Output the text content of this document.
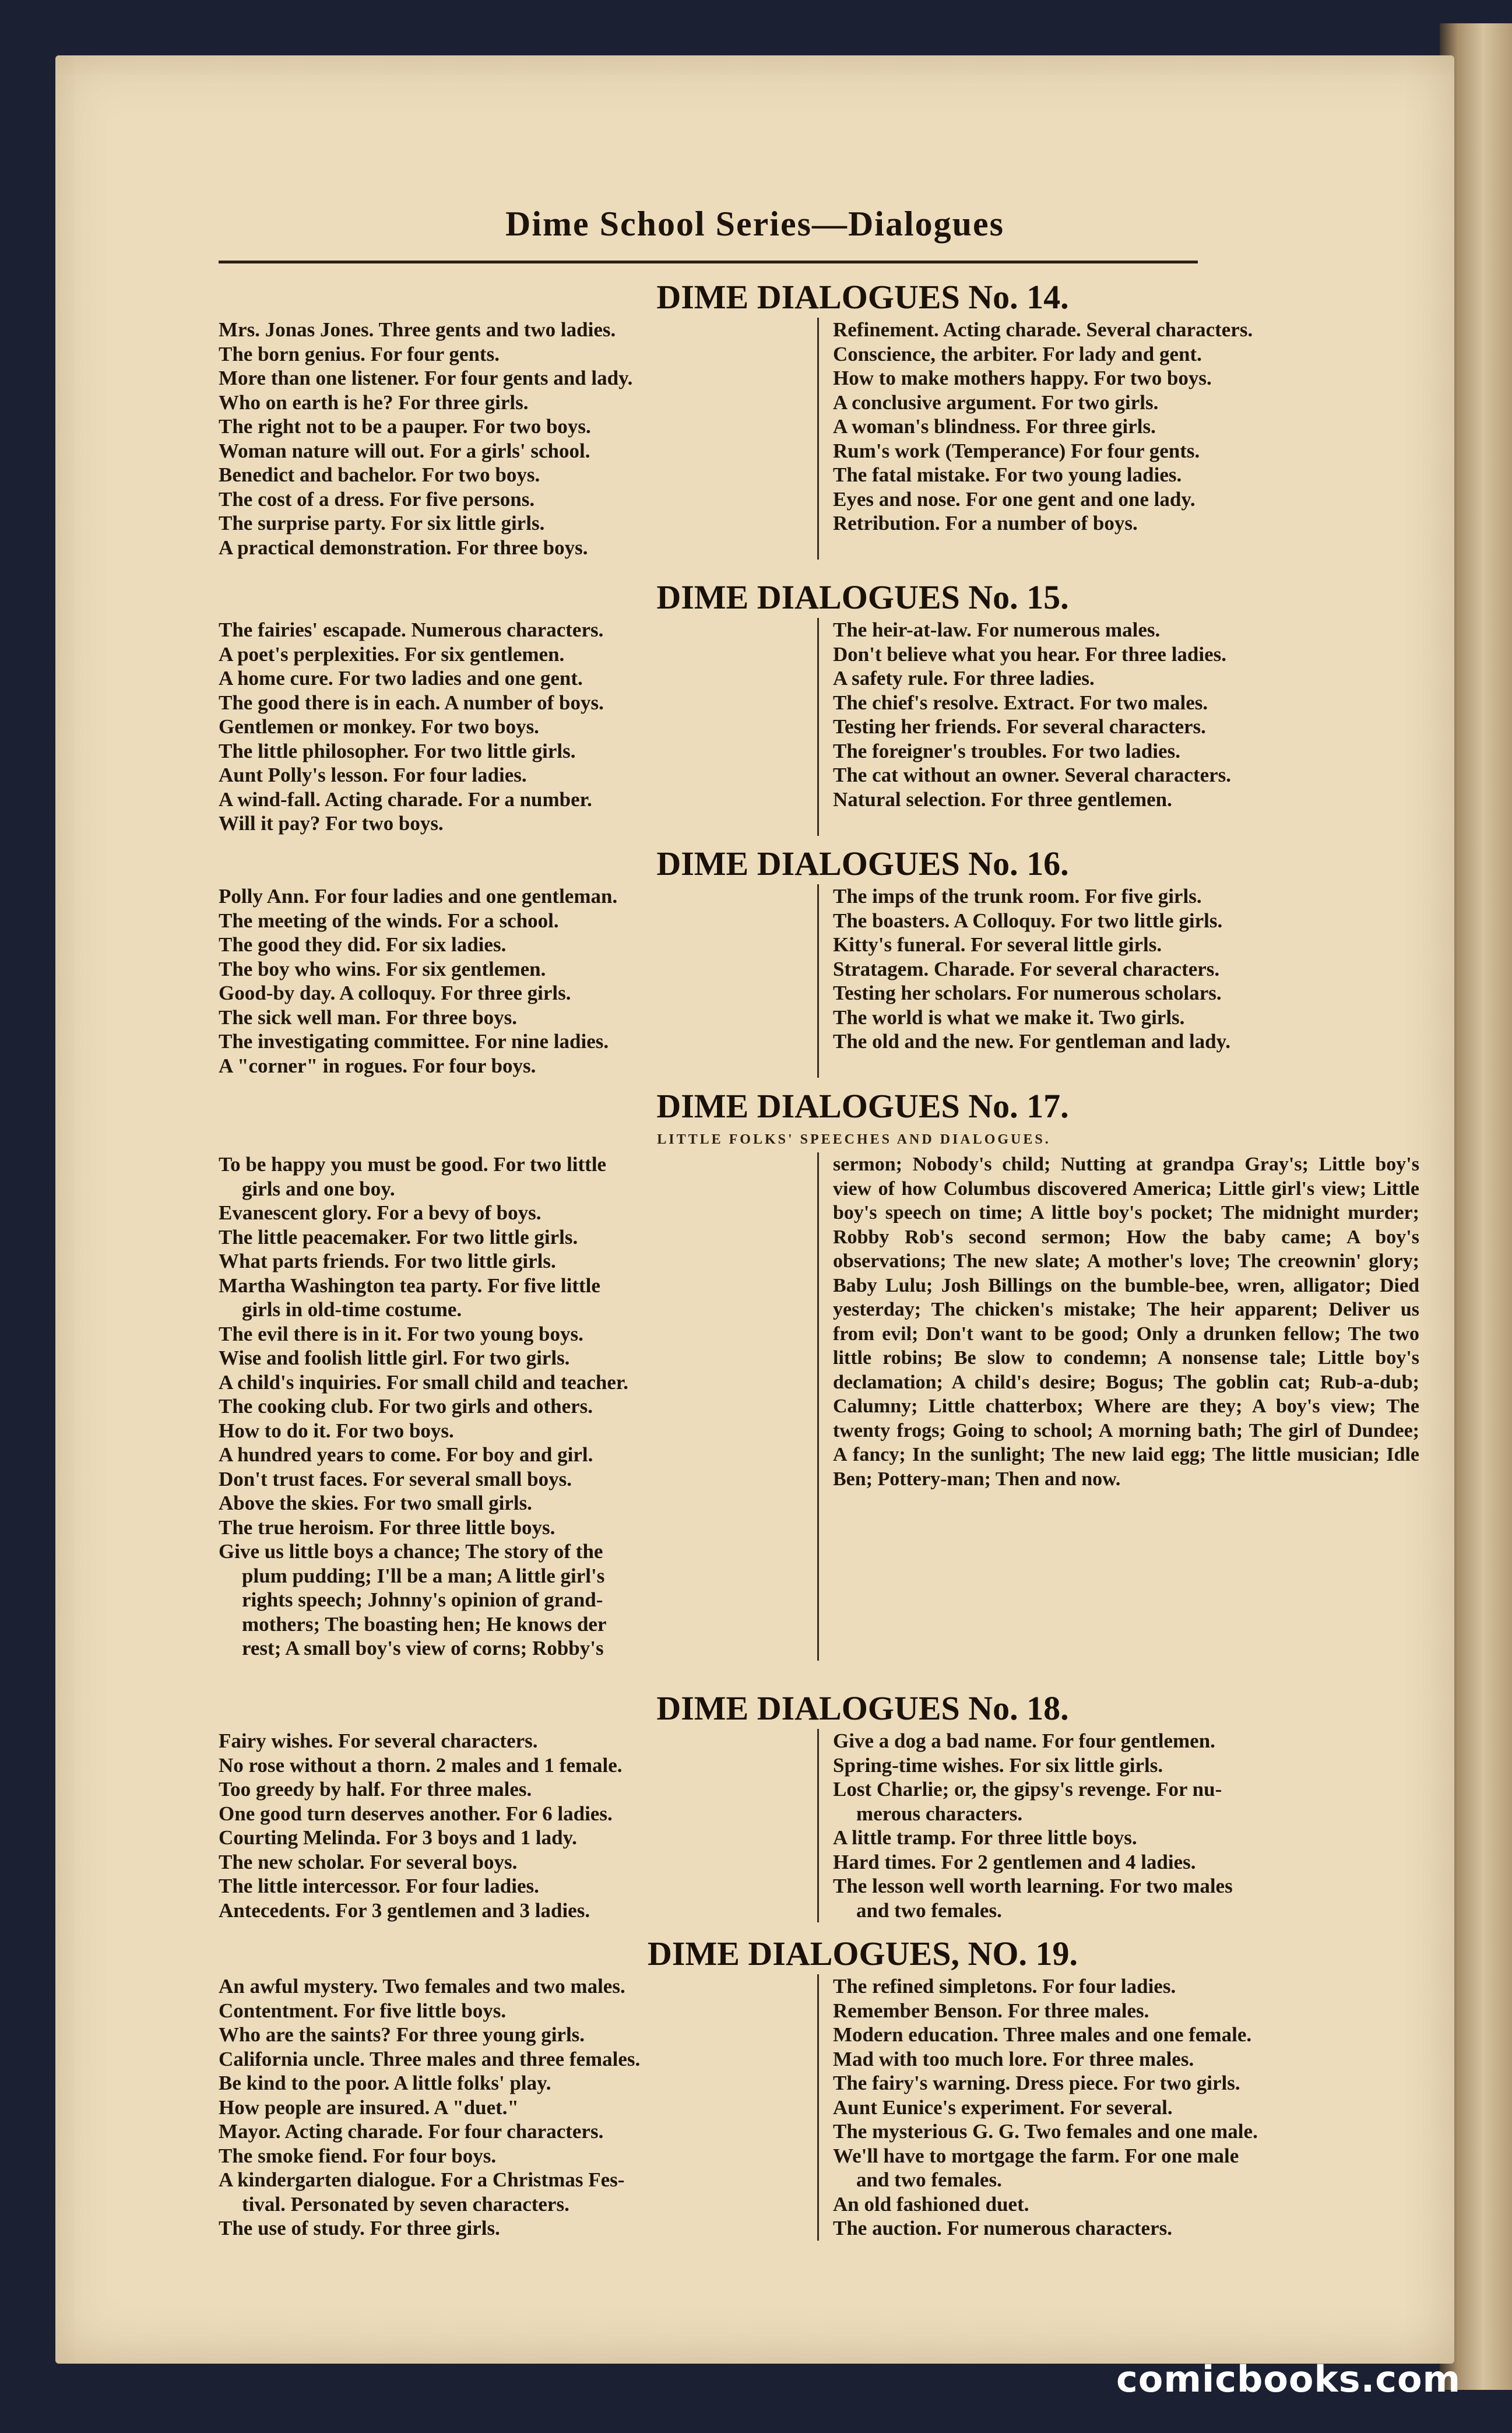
Dime School Series—Dialogues
DIME DIALOGUES No. 14.
Mrs. Jonas Jones. Three gents and two ladies.
The born genius. For four gents.
More than one listener. For four gents and lady.
Who on earth is he? For three girls.
The right not to be a pauper. For two boys.
Woman nature will out. For a girls' school.
Benedict and bachelor. For two boys.
The cost of a dress. For five persons.
The surprise party. For six little girls.
A practical demonstration. For three boys.
Refinement. Acting charade. Several characters.
Conscience, the arbiter. For lady and gent.
How to make mothers happy. For two boys.
A conclusive argument. For two girls.
A woman's blindness. For three girls.
Rum's work (Temperance) For four gents.
The fatal mistake. For two young ladies.
Eyes and nose. For one gent and one lady.
Retribution. For a number of boys.
DIME DIALOGUES No. 15.
The fairies' escapade. Numerous characters.
A poet's perplexities. For six gentlemen.
A home cure. For two ladies and one gent.
The good there is in each. A number of boys.
Gentlemen or monkey. For two boys.
The little philosopher. For two little girls.
Aunt Polly's lesson. For four ladies.
A wind-fall. Acting charade. For a number.
Will it pay? For two boys.
The heir-at-law. For numerous males.
Don't believe what you hear. For three ladies.
A safety rule. For three ladies.
The chief's resolve. Extract. For two males.
Testing her friends. For several characters.
The foreigner's troubles. For two ladies.
The cat without an owner. Several characters.
Natural selection. For three gentlemen.
DIME DIALOGUES No. 16.
Polly Ann. For four ladies and one gentleman.
The meeting of the winds. For a school.
The good they did. For six ladies.
The boy who wins. For six gentlemen.
Good-by day. A colloquy. For three girls.
The sick well man. For three boys.
The investigating committee. For nine ladies.
A "corner" in rogues. For four boys.
The imps of the trunk room. For five girls.
The boasters. A Colloquy. For two little girls.
Kitty's funeral. For several little girls.
Stratagem. Charade. For several characters.
Testing her scholars. For numerous scholars.
The world is what we make it. Two girls.
The old and the new. For gentleman and lady.
DIME DIALOGUES No. 17.
LITTLE FOLKS' SPEECHES AND DIALOGUES.
To be happy you must be good. For two little
girls and one boy.
Evanescent glory. For a bevy of boys.
The little peacemaker. For two little girls.
What parts friends. For two little girls.
Martha Washington tea party. For five little
girls in old-time costume.
The evil there is in it. For two young boys.
Wise and foolish little girl. For two girls.
A child's inquiries. For small child and teacher.
The cooking club. For two girls and others.
How to do it. For two boys.
A hundred years to come. For boy and girl.
Don't trust faces. For several small boys.
Above the skies. For two small girls.
The true heroism. For three little boys.
Give us little boys a chance; The story of the
plum pudding; I'll be a man; A little girl's
rights speech; Johnny's opinion of grand-
mothers; The boasting hen; He knows der
rest; A small boy's view of corns; Robby's
sermon; Nobody's child; Nutting at grandpa Gray's; Little boy's view of how Columbus discovered America; Little girl's view; Little boy's speech on time; A little boy's pocket; The midnight murder; Robby Rob's second sermon; How the baby came; A boy's observations; The new slate; A mother's love; The creownin' glory; Baby Lulu; Josh Billings on the bumble-bee, wren, alligator; Died yesterday; The chicken's mistake; The heir apparent; Deliver us from evil; Don't want to be good; Only a drunken fellow; The two little robins; Be slow to condemn; A nonsense tale; Little boy's declamation; A child's desire; Bogus; The goblin cat; Rub-a-dub; Calumny; Little chatterbox; Where are they; A boy's view; The twenty frogs; Going to school; A morning bath; The girl of Dundee; A fancy; In the sunlight; The new laid egg; The little musician; Idle Ben; Pottery-man; Then and now.
DIME DIALOGUES No. 18.
Fairy wishes. For several characters.
No rose without a thorn. 2 males and 1 female.
Too greedy by half. For three males.
One good turn deserves another. For 6 ladies.
Courting Melinda. For 3 boys and 1 lady.
The new scholar. For several boys.
The little intercessor. For four ladies.
Antecedents. For 3 gentlemen and 3 ladies.
Give a dog a bad name. For four gentlemen.
Spring-time wishes. For six little girls.
Lost Charlie; or, the gipsy's revenge. For nu-
merous characters.
A little tramp. For three little boys.
Hard times. For 2 gentlemen and 4 ladies.
The lesson well worth learning. For two males
and two females.
DIME DIALOGUES, NO. 19.
An awful mystery. Two females and two males.
Contentment. For five little boys.
Who are the saints? For three young girls.
California uncle. Three males and three females.
Be kind to the poor. A little folks' play.
How people are insured. A "duet."
Mayor. Acting charade. For four characters.
The smoke fiend. For four boys.
A kindergarten dialogue. For a Christmas Fes-
tival. Personated by seven characters.
The use of study. For three girls.
The refined simpletons. For four ladies.
Remember Benson. For three males.
Modern education. Three males and one female.
Mad with too much lore. For three males.
The fairy's warning. Dress piece. For two girls.
Aunt Eunice's experiment. For several.
The mysterious G. G. Two females and one male.
We'll have to mortgage the farm. For one male
and two females.
An old fashioned duet.
The auction. For numerous characters.
comicbooks.com
